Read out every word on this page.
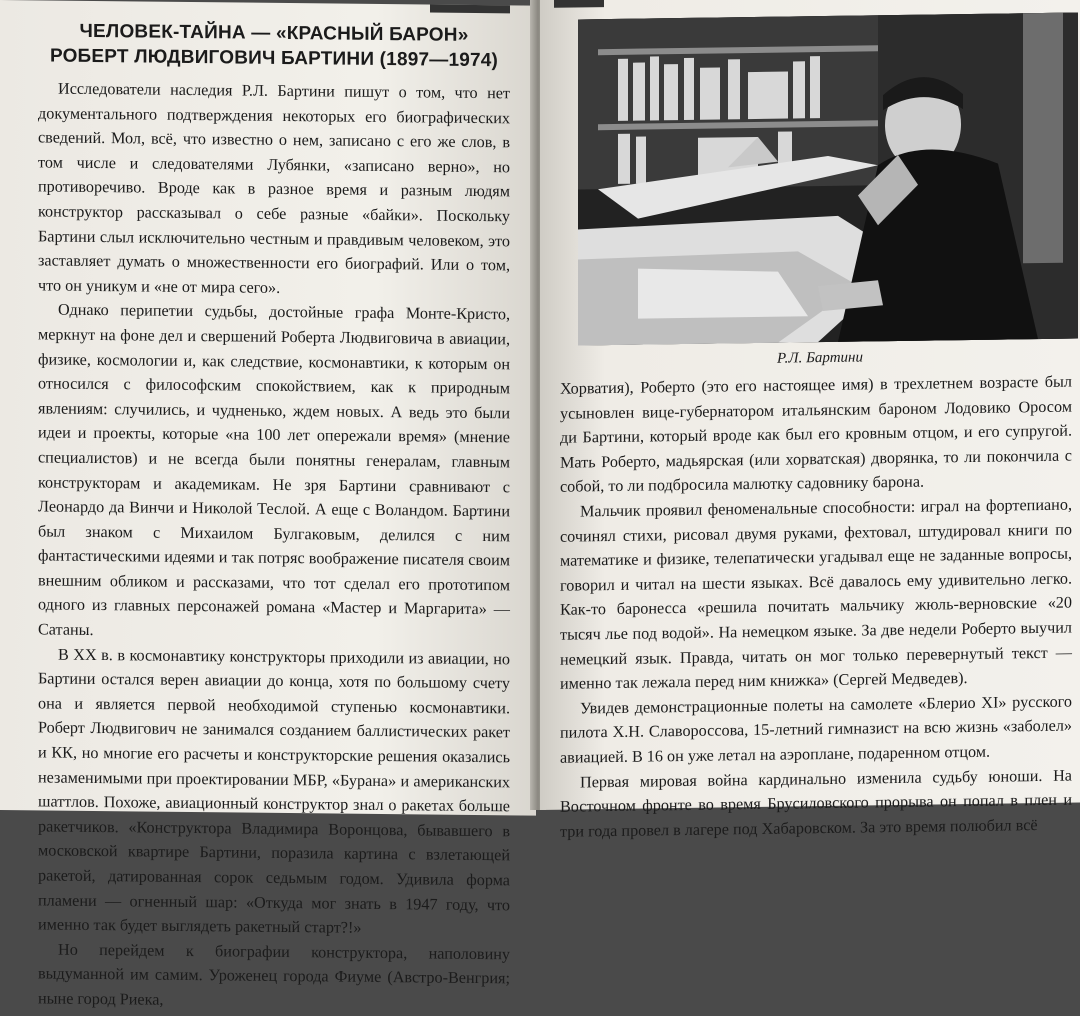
ЧЕЛОВЕК-ТАЙНА — «КРАСНЫЙ БАРОН»
РОБЕРТ ЛЮДВИГОВИЧ БАРТИНИ (1897—1974)

Исследователи наследия Р.Л. Бартини пишут о том, что нет документального подтверждения некоторых его биографических сведений. Мол, всё, что известно о нем, записано с его же слов, в том числе и следователями Лубянки, «записано верно», но противоречиво. Вроде как в разное время и разным людям конструктор рассказывал о себе разные «байки». Поскольку Бартини слыл исключительно честным и правдивым человеком, это заставляет думать о множественности его биографий. Или о том, что он уникум и «не от мира сего».

Однако перипетии судьбы, достойные графа Монте-Кристо, меркнут на фоне дел и свершений Роберта Людвиговича в авиации, физике, космологии и, как следствие, космонавтики, к которым он относился с философским спокойствием, как к природным явлениям: случились, и чудненько, ждем новых. А ведь это были идеи и проекты, которые «на 100 лет опережали время» (мнение специалистов) и не всегда были понятны генералам, главным конструкторам и академикам. Не зря Бартини сравнивают с Леонардо да Винчи и Николой Теслой. А еще с Воландом. Бартини был знаком с Михаилом Булгаковым, делился с ним фантастическими идеями и так потряс воображение писателя своим внешним обликом и рассказами, что тот сделал его прототипом одного из главных персонажей романа «Мастер и Маргарита» — Сатаны.

В XX в. в космонавтику конструкторы приходили из авиации, но Бартини остался верен авиации до конца, хотя по большому счету она и является первой необходимой ступенью космонавтики. Роберт Людвигович не занимался созданием баллистических ракет и КК, но многие его расчеты и конструкторские решения оказались незаменимыми при проектировании МБР, «Бурана» и американских шаттлов. Похоже, авиационный конструктор знал о ракетах больше ракетчиков. «Конструктора Владимира Воронцова, бывавшего в московской квартире Бартини, поразила картина с взлетающей ракетой, датированная сорок седьмым годом. Удивила форма пламени — огненный шар: «Откуда мог знать в 1947 году, что именно так будет выглядеть ракетный старт?!»

Но перейдем к биографии конструктора, наполовину выдуманной им самим. Уроженец города Фиуме (Австро-Венгрия; ныне город Риека,

Р.Л. Бартини

Хорватия), Роберто (это его настоящее имя) в трехлетнем возрасте был усыновлен вице-губернатором итальянским бароном Лодовико Оросом ди Бартини, который вроде как был его кровным отцом, и его супругой. Мать Роберто, мадьярская (или хорватская) дворянка, то ли покончила с собой, то ли подбросила малютку садовнику барона.

Мальчик проявил феноменальные способности: играл на фортепиано, сочинял стихи, рисовал двумя руками, фехтовал, штудировал книги по математике и физике, телепатически угадывал еще не заданные вопросы, говорил и читал на шести языках. Всё давалось ему удивительно легко. Как-то баронесса «решила почитать мальчику жюль-верновские «20 тысяч лье под водой». На немецком языке. За две недели Роберто выучил немецкий язык. Правда, читать он мог только перевернутый текст — именно так лежала перед ним книжка» (Сергей Медведев).

Увидев демонстрационные полеты на самолете «Блерио XI» русского пилота Х.Н. Славороссова, 15-летний гимназист на всю жизнь «заболел» авиацией. В 16 он уже летал на аэроплане, подаренном отцом.

Первая мировая война кардинально изменила судьбу юноши. На Восточном фронте во время Брусиловского прорыва он попал в плен и три года провел в лагере под Хабаровском. За это время полюбил всё
